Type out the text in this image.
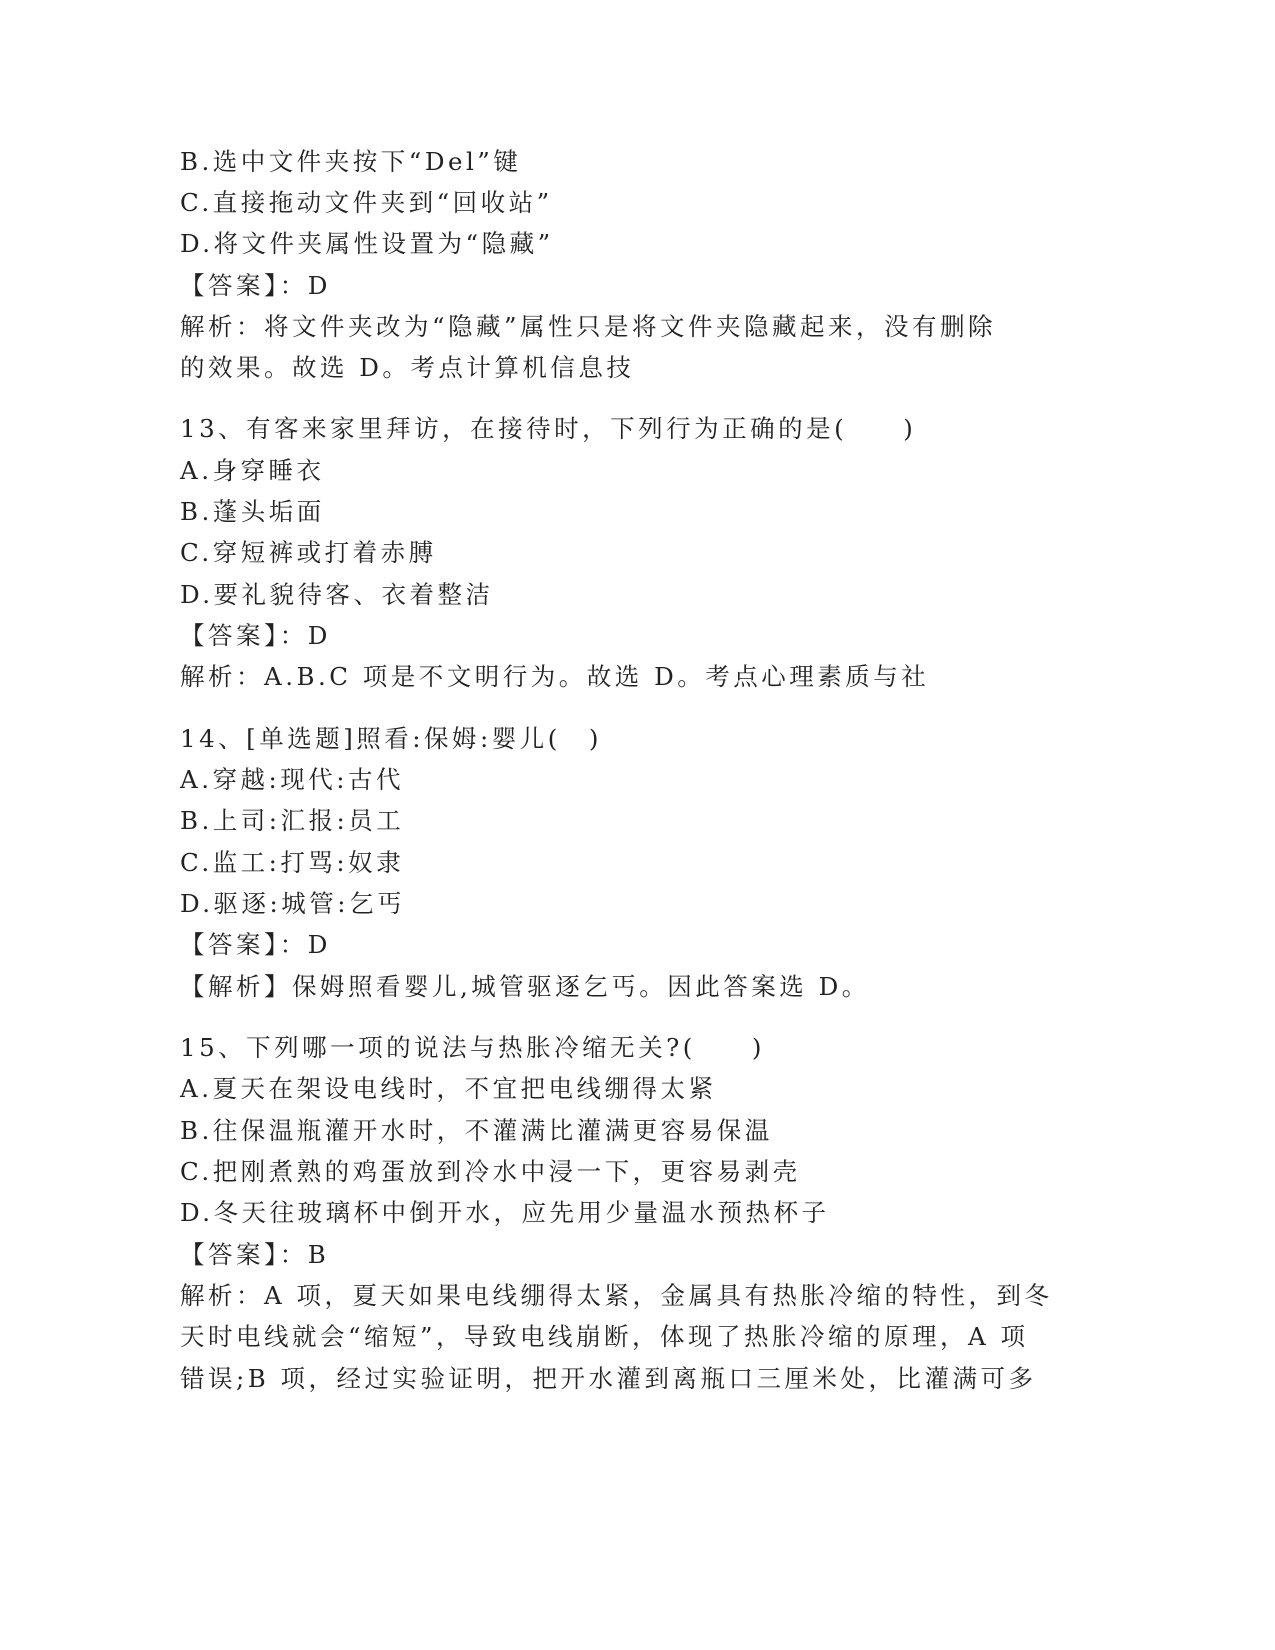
B.选中文件夹按下“Del”键
C.直接拖动文件夹到“回收站”
D.将文件夹属性设置为“隐藏”
【答案】：D
解析：将文件夹改为“隐藏”属性只是将文件夹隐藏起来，没有删除
的效果。故选 D。考点计算机信息技
13、有客来家里拜访，在接待时，下列行为正确的是(　　)
A.身穿睡衣
B.蓬头垢面
C.穿短裤或打着赤膊
D.要礼貌待客、衣着整洁
【答案】：D
解析：A.B.C 项是不文明行为。故选 D。考点心理素质与社
14、[单选题]照看:保姆:婴儿(　)
A.穿越:现代:古代
B.上司:汇报:员工
C.监工:打骂:奴隶
D.驱逐:城管:乞丐
【答案】：D
【解析】保姆照看婴儿,城管驱逐乞丐。因此答案选 D。
15、下列哪一项的说法与热胀冷缩无关?(　　)
A.夏天在架设电线时，不宜把电线绷得太紧
B.往保温瓶灌开水时，不灌满比灌满更容易保温
C.把刚煮熟的鸡蛋放到冷水中浸一下，更容易剥壳
D.冬天往玻璃杯中倒开水，应先用少量温水预热杯子
【答案】：B
解析：A 项，夏天如果电线绷得太紧，金属具有热胀冷缩的特性，到冬
天时电线就会“缩短”，导致电线崩断，体现了热胀冷缩的原理，A 项
错误;B 项，经过实验证明，把开水灌到离瓶口三厘米处，比灌满可多
